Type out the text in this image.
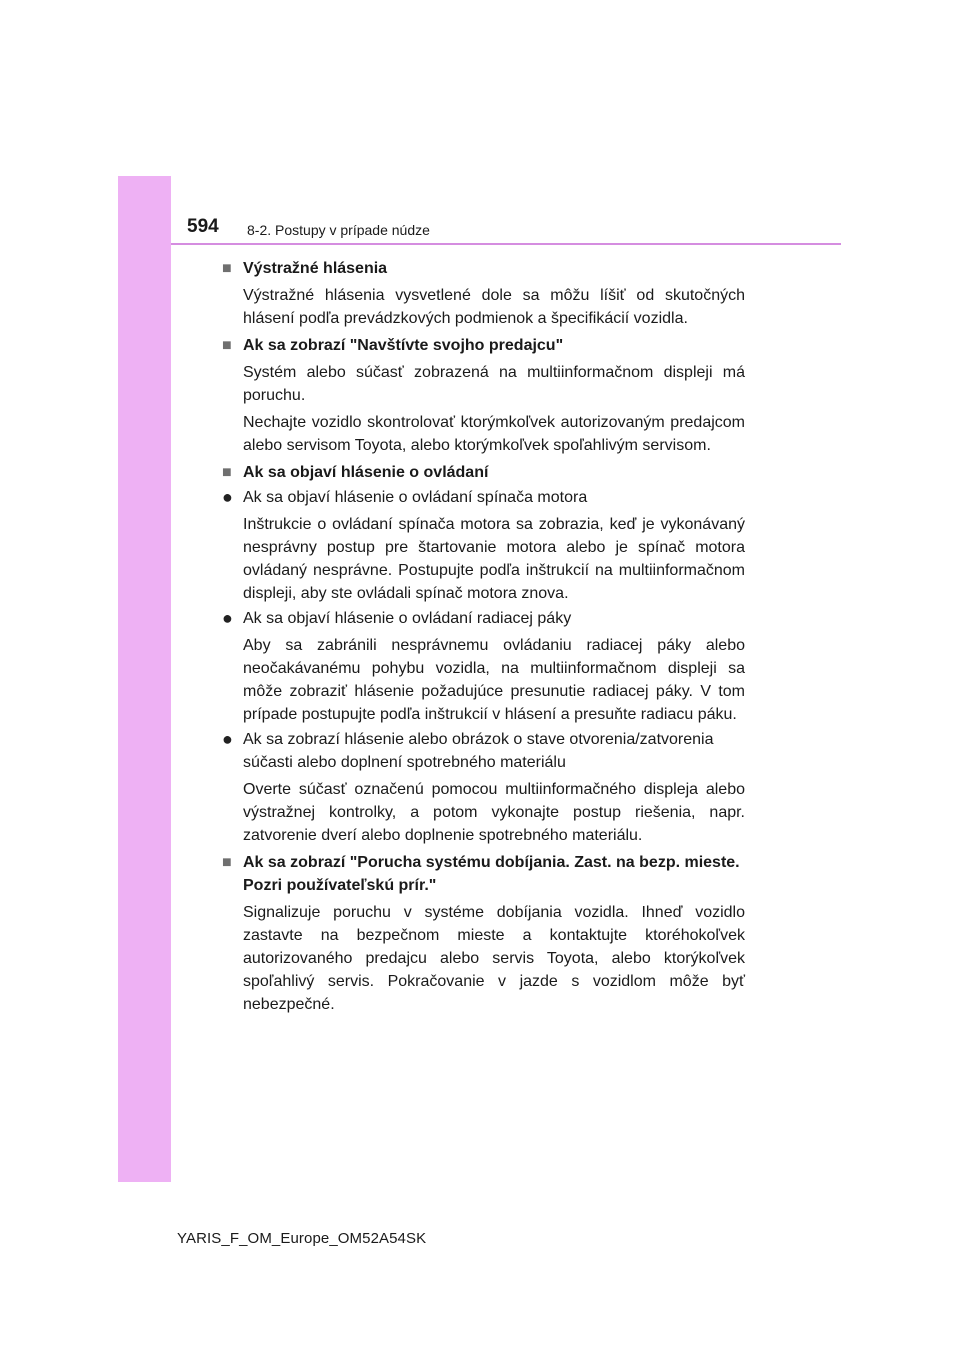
594 8-2. Postupy v prípade núdze
■ Výstražné hlásenia
Výstražné hlásenia vysvetlené dole sa môžu líšiť od skutočných hlásení podľa prevádzkových podmienok a špecifikácií vozidla.
■ Ak sa zobrazí "Navštívte svojho predajcu"
Systém alebo súčasť zobrazená na multiinformačnom displeji má poruchu.
Nechajte vozidlo skontrolovať ktorýmkoľvek autorizovaným predajcom alebo servisom Toyota, alebo ktorýmkoľvek spoľahlivým servisom.
■ Ak sa objaví hlásenie o ovládaní
● Ak sa objaví hlásenie o ovládaní spínača motora
Inštrukcie o ovládaní spínača motora sa zobrazia, keď je vykonávaný nesprávny postup pre štartovanie motora alebo je spínač motora ovládaný nesprávne. Postupujte podľa inštrukcií na multiinformačnom displeji, aby ste ovládali spínač motora znova.
● Ak sa objaví hlásenie o ovládaní radiacej páky
Aby sa zabránili nesprávnemu ovládaniu radiacej páky alebo neočakávanému pohybu vozidla, na multiinformačnom displeji sa môže zobraziť hlásenie požadujúce presunutie radiacej páky. V tom prípade postupujte podľa inštrukcií v hlásení a presuňte radiacu páku.
● Ak sa zobrazí hlásenie alebo obrázok o stave otvorenia/zatvorenia súčasti alebo doplnení spotrebného materiálu
Overte súčasť označenú pomocou multiinformačného displeja alebo výstražnej kontrolky, a potom vykonajte postup riešenia, napr. zatvorenie dverí alebo doplnenie spotrebného materiálu.
■ Ak sa zobrazí "Porucha systému dobíjania. Zast. na bezp. mieste. Pozri používateľskú prír."
Signalizuje poruchu v systéme dobíjania vozidla. Ihneď vozidlo zastavte na bezpečnom mieste a kontaktujte ktoréhokoľvek autorizovaného predajcu alebo servis Toyota, alebo ktorýkoľvek spoľahlivý servis. Pokračovanie v jazde s vozidlom môže byť nebezpečné.
YARIS_F_OM_Europe_OM52A54SK
